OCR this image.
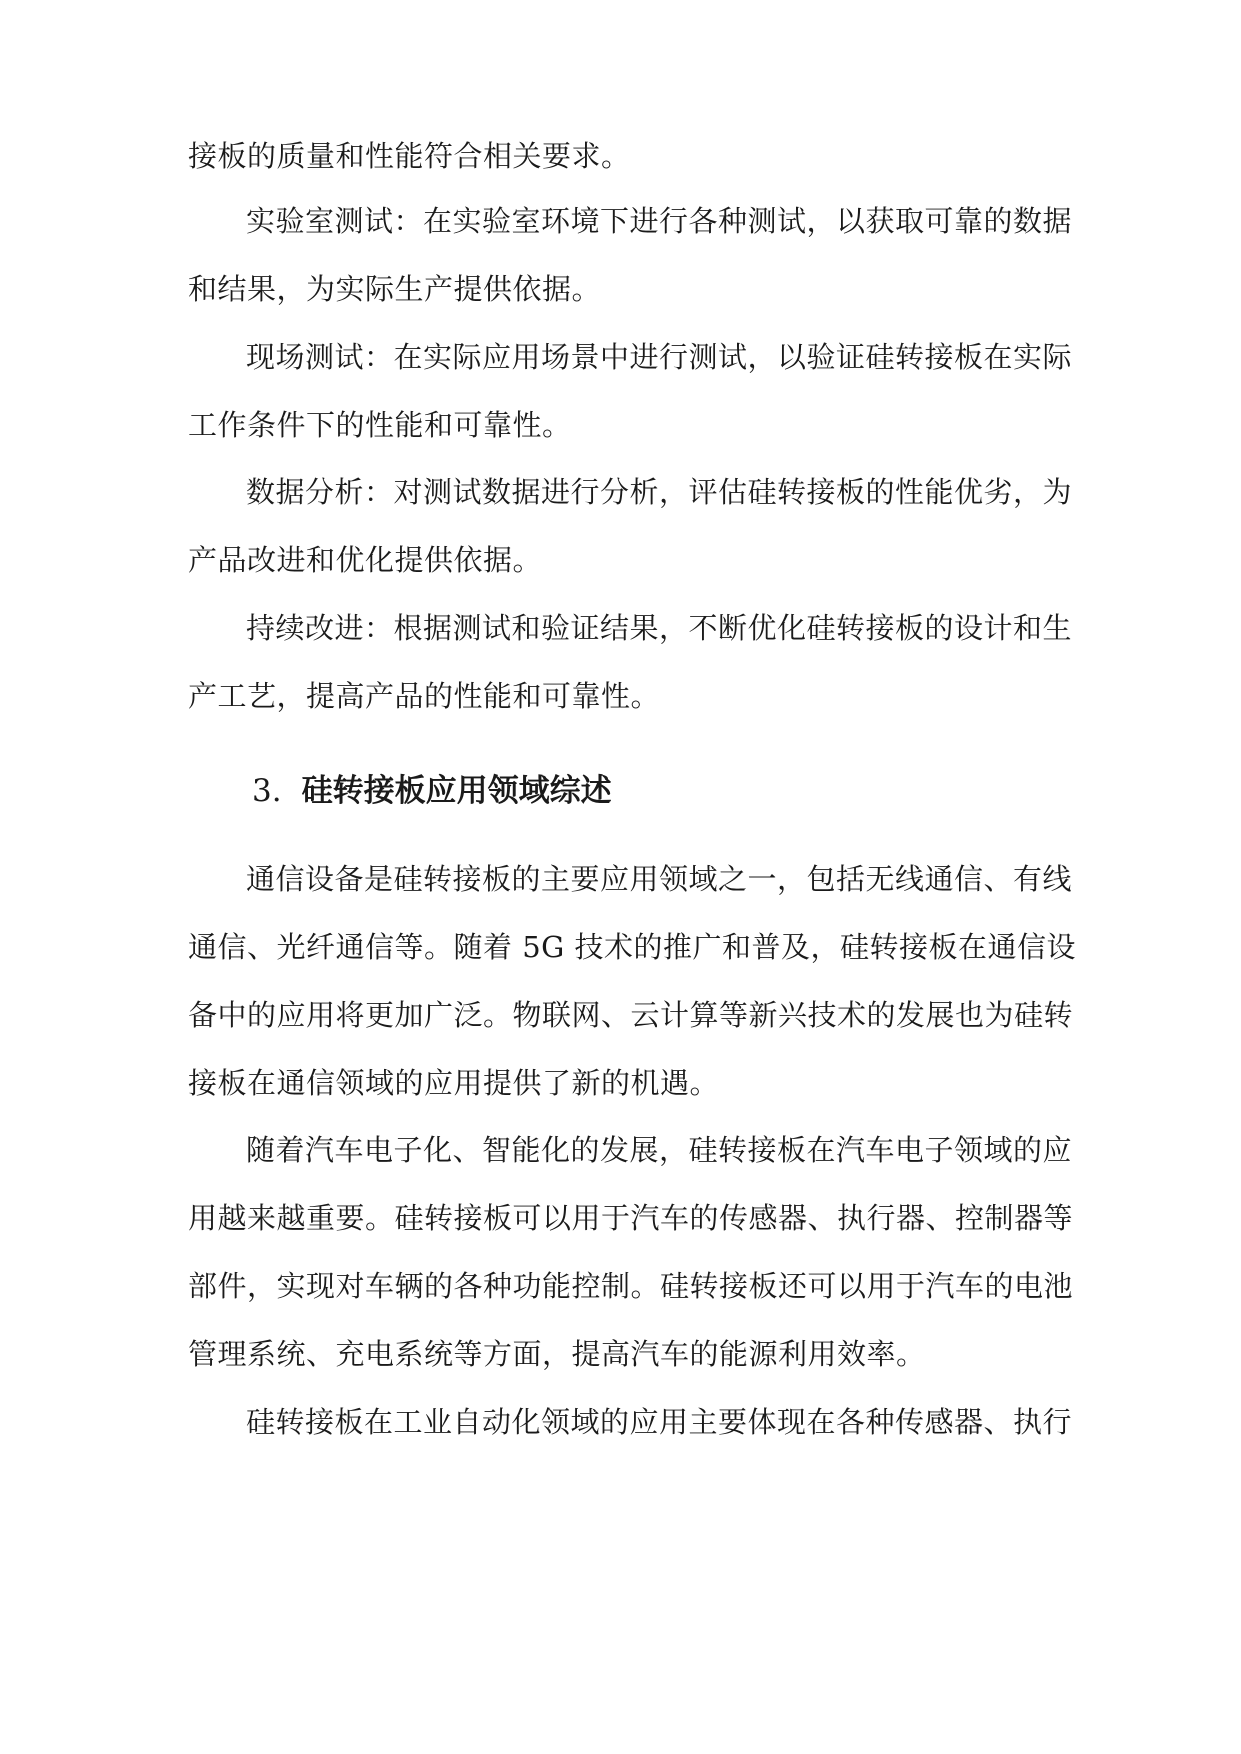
接板的质量和性能符合相关要求。
实验室测试：在实验室环境下进行各种测试，以获取可靠的数据
和结果，为实际生产提供依据。
现场测试：在实际应用场景中进行测试，以验证硅转接板在实际
工作条件下的性能和可靠性。
数据分析：对测试数据进行分析，评估硅转接板的性能优劣，为
产品改进和优化提供依据。
持续改进：根据测试和验证结果，不断优化硅转接板的设计和生
产工艺，提高产品的性能和可靠性。
3. 硅转接板应用领域综述
通信设备是硅转接板的主要应用领域之一，包括无线通信、有线
通信、光纤通信等。随着 5G 技术的推广和普及，硅转接板在通信设
备中的应用将更加广泛。物联网、云计算等新兴技术的发展也为硅转
接板在通信领域的应用提供了新的机遇。
随着汽车电子化、智能化的发展，硅转接板在汽车电子领域的应
用越来越重要。硅转接板可以用于汽车的传感器、执行器、控制器等
部件，实现对车辆的各种功能控制。硅转接板还可以用于汽车的电池
管理系统、充电系统等方面，提高汽车的能源利用效率。
硅转接板在工业自动化领域的应用主要体现在各种传感器、执行
